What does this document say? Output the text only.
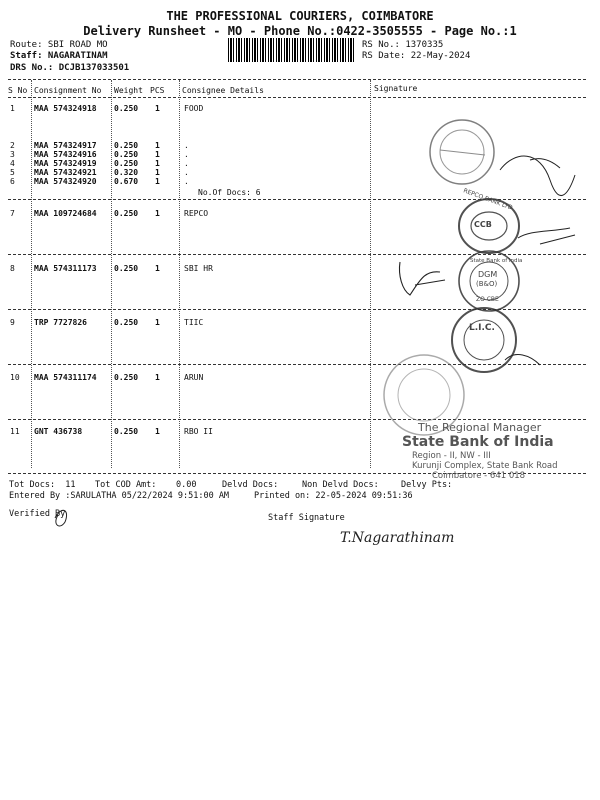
THE PROFESSIONAL COURIERS, COIMBATORE
Delivery Runsheet - MO - Phone No.:0422-3505555 - Page No.:1
Route: SBI ROAD MO
Staff: NAGARATINAM
DRS No.: DCJB137033501
RS No.: 1370335
RS Date: 22-May-2024
S No Consignment No Weight PCS Consignee Details	Signature
1 MAA 574324918 0.250 1	FOOD
2 MAA 574324917 0.250 1	.
3 MAA 574324916 0.250 1	.
4 MAA 574324919 0.250 1	.
5 MAA 574324921 0.320 1	.
6 MAA 574324920 0.670 1	.
No.Of Docs: 6
7 MAA 109724684 0.250 1	REPCO
8 MAA 574311173 0.250 1	SBI HR
9 TRP 7727826	0.250 1	TIIC
10 MAA 574311174 0.250 1	ARUN
11 GNT 436738	0.250 1	RBO II
Tot Docs:  11 Tot COD Amt: 0.00	Delvd Docs:	Non Delvd Docs:	Delvy Pts:
Entered By :SARULATHA 05/22/2024 9:51:00 AM	Printed on: 22-05-2024 09:51:36
Verified By	Staff Signature
CCB
REPCO BANK LTD
DGM
(B&O)
State Bank of India
ZO CBE
L.I.C.
The Regional Manager
State Bank of India
Region - II, NW - III
Kurunji Complex, State Bank Road
Coimbatore - 641 018
T.Nagarathinam
